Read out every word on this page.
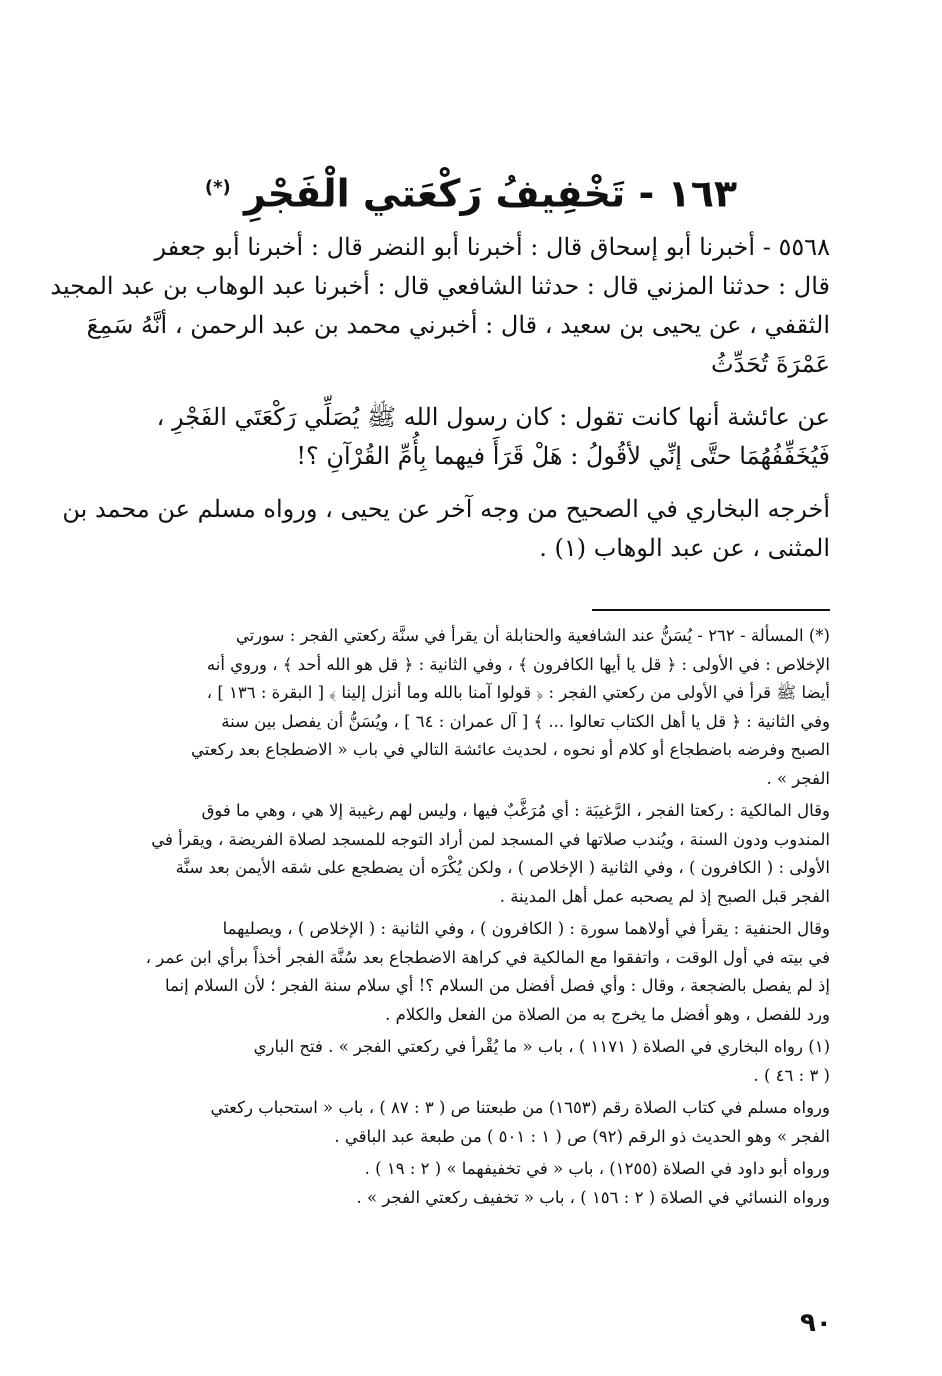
١٦٣ - تَخْفِيفُ رَكْعَتي الْفَجْرِ (*)

٥٥٦٨ - أخبرنا أبو إسحاق قال : أخبرنا أبو النضر قال : أخبرنا أبو جعفر

قال : حدثنا المزني قال : حدثنا الشافعي قال : أخبرنا عبد الوهاب بن عبد المجيد

الثقفي ، عن يحيى بن سعيد ، قال : أخبرني محمد بن عبد الرحمن ، أنَّهُ سَمِعَ

عَمْرَةَ تُحَدِّثُ

عن عائشة أنها كانت تقول : كان رسول الله ﷺ يُصَلِّي رَكْعَتَي الفَجْرِ ،

فَيُخَفِّفُهُمَا حتَّى إنِّي لأقُولُ : هَلْ قَرَأَ فيهما بِأُمِّ القُرْآنِ ؟!

أخرجه البخاري في الصحيح من وجه آخر عن يحيى ، ورواه مسلم عن محمد بن

المثنى ، عن عبد الوهاب (١) .

(*) المسألة - ٢٦٢ - يُسَنُّ عند الشافعية والحنابلة أن يقرأ في سنَّة ركعتي الفجر : سورتي

الإخلاص : في الأولى : ﴿ قل يا أيها الكافرون ﴾ ، وفي الثانية : ﴿ قل هو الله أحد ﴾ ، وروي أنه

أيضا ﷺ قرأ في الأولى من ركعتي الفجر : ﴿ قولوا آمنا بالله وما أنزل إلينا ﴾ [ البقرة : ١٣٦ ] ،

وفي الثانية : ﴿ قل يا أهل الكتاب تعالوا ... ﴾ [ آل عمران : ٦٤ ] ، ويُسَنُّ أن يفصل بين سنة

الصبح وفرضه باضطجاع أو كلام أو نحوه ، لحديث عائشة التالي في باب « الاضطجاع بعد ركعتي

الفجر » .

وقال المالكية : ركعتا الفجر ، الرَّغيبَة : أي مُرَغَّبٌ فيها ، وليس لهم رغيبة إلا هي ، وهي ما فوق

المندوب ودون السنة ، ويُندب صلاتها في المسجد لمن أراد التوجه للمسجد لصلاة الفريضة ، ويقرأ في

الأولى : ( الكافرون ) ، وفي الثانية ( الإخلاص ) ، ولكن يُكْرَه أن يضطجع على شقه الأيمن بعد سنَّة

الفجر قبل الصبح إذ لم يصحبه عمل أهل المدينة .

وقال الحنفية : يقرأ في أولاهما سورة : ( الكافرون ) ، وفي الثانية : ( الإخلاص ) ، ويصليهما

في بيته في أول الوقت ، واتفقوا مع المالكية في كراهة الاضطجاع بعد سُنَّة الفجر أخذاً برأي ابن عمر ،

إذ لم يفصل بالضجعة ، وقال : وأي فصل أفضل من السلام ؟! أي سلام سنة الفجر ؛ لأن السلام إنما

ورد للفصل ، وهو أفضل ما يخرج به من الصلاة من الفعل والكلام .

(١) رواه البخاري في الصلاة ( ١١٧١ ) ، باب « ما يُقْرأ في ركعتي الفجر » . فتح الباري

( ٣ : ٤٦ ) .

ورواه مسلم في كتاب الصلاة رقم (١٦٥٣) من طبعتنا ص ( ٣ : ٨٧ ) ، باب « استحباب ركعتي

الفجر » وهو الحديث ذو الرقم (٩٢) ص ( ١ : ٥٠١ ) من طبعة عبد الباقي .

ورواه أبو داود في الصلاة (١٢٥٥) ، باب « في تخفيفهما » ( ٢ : ١٩ ) .

ورواه النسائي في الصلاة ( ٢ : ١٥٦ ) ، باب « تخفيف ركعتي الفجر » .

٩٠
